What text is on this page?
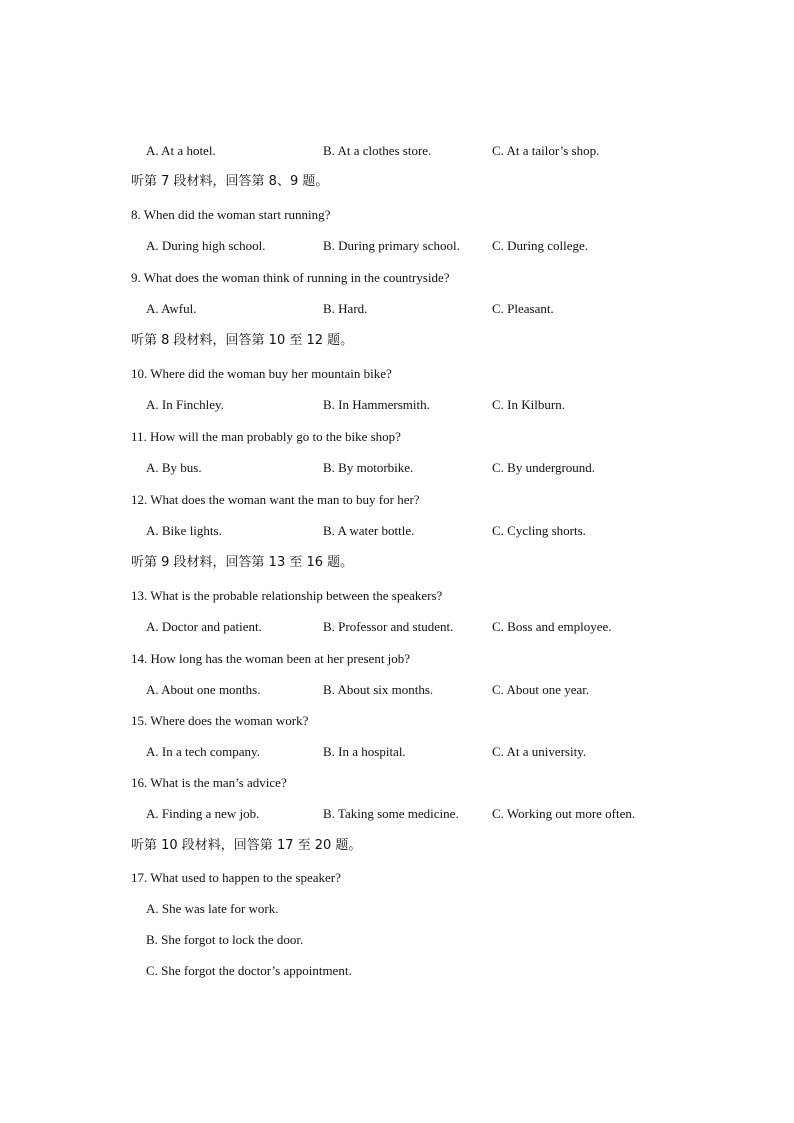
A. At a hotel.	B. At a clothes store.	C. At a tailor’s shop.
听第 7 段材料，回答第 8、9 题。
8. When did the woman start running?
A. During high school.	B. During primary school. C. During college.
9. What does the woman think of running in the countryside?
A. Awful.	B. Hard.	C. Pleasant.
听第 8 段材料，回答第 10 至 12 题。
10. Where did the woman buy her mountain bike?
A. In Finchley.	B. In Hammersmith.	C. In Kilburn.
11. How will the man probably go to the bike shop?
A. By bus.	B. By motorbike.	C. By underground.
12. What does the woman want the man to buy for her?
A. Bike lights.	B. A water bottle.	C. Cycling shorts.
听第 9 段材料，回答第 13 至 16 题。
13. What is the probable relationship between the speakers?
A. Doctor and patient.	B. Professor and student.	C. Boss and employee.
14. How long has the woman been at her present job?
A. About one months.	B. About six months.	C. About one year.
15. Where does the woman work?
A. In a tech company.	B. In a hospital.	C. At a university.
16. What is the man’s advice?
A. Finding a new job.	B. Taking some medicine.	C. Working out more often.
听第 10 段材料，回答第 17 至 20 题。
17. What used to happen to the speaker?
A. She was late for work.
B. She forgot to lock the door.
C. She forgot the doctor’s appointment.
